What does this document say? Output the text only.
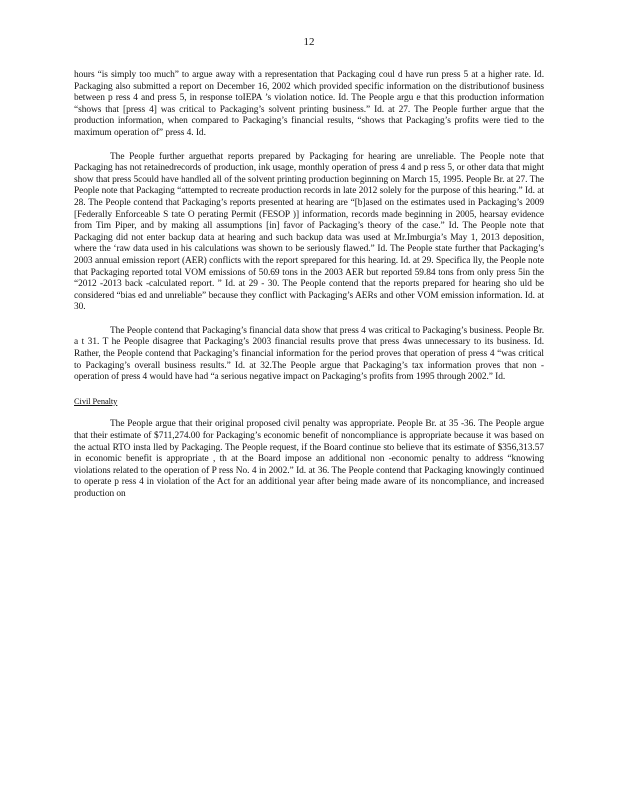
12

hours “is simply too much” to argue away with a representation that Packaging coul d have run press 5 at a higher rate. Id. Packaging also submitted a report on December 16, 2002 which provided specific information on the distributionof business between p ress 4 and press 5, in response toIEPA ’s violation notice. Id. The People argu e that this production information “shows that [press 4] was critical to Packaging’s solvent printing business.” Id. at 27. The People further argue that the production information, when compared to Packaging’s financial results, “shows that Packaging’s profits were tied to the maximum operation of” press 4. Id.

The People further arguethat reports prepared by Packaging for hearing are unreliable. The People note that Packaging has not retainedrecords of production, ink usage, monthly operation of press 4 and p ress 5, or other data that might show that press 5could have handled all of the solvent printing production beginning on March 15, 1995. People Br. at 27. The People note that Packaging “attempted to recreate production records in late 2012 solely for the purpose of this hearing.” Id. at 28. The People contend that Packaging’s reports presented at hearing are “[b]ased on the estimates used in Packaging’s 2009 [Federally Enforceable S tate O perating Permit (FESOP )] information, records made beginning in 2005, hearsay evidence from Tim Piper, and by making all assumptions [in] favor of Packaging’s theory of the case.” Id. The People note that Packaging did not enter backup data at hearing and such backup data was used at Mr.Imburgia’s May 1, 2013 deposition, where the ‘raw data used in his calculations was shown to be seriously flawed.” Id. The People state further that Packaging’s 2003 annual emission report (AER) conflicts with the report sprepared for this hearing. Id. at 29. Specifica lly, the People note that Packaging reported total VOM emissions of 50.69 tons in the 2003 AER but reported 59.84 tons from only press 5in the “2012 -2013 back -calculated report. ” Id. at 29 - 30. The People contend that the reports prepared for hearing sho uld be considered “bias ed and unreliable” because they conflict with Packaging’s AERs and other VOM emission information. Id. at 30.

The People contend that Packaging’s financial data show that press 4 was critical to Packaging’s business. People Br. a t 31. T he People disagree that Packaging’s 2003 financial results prove that press 4was unnecessary to its business. Id. Rather, the People contend that Packaging’s financial information for the period proves that operation of press 4 “was critical to Packaging’s overall business results.” Id. at 32.The People argue that Packaging’s tax information proves that non -operation of press 4 would have had “a serious negative impact on Packaging’s profits from 1995 through 2002.” Id.

Civil Penalty

The People argue that their original proposed civil penalty was appropriate. People Br. at 35 -36. The People argue that their estimate of $711,274.00 for Packaging’s economic benefit of noncompliance is appropriate because it was based on the actual RTO insta lled by Packaging. The People request, if the Board continue sto believe that its estimate of $356,313.57 in economic benefit is appropriate , th at the Board impose an additional non -economic penalty to address “knowing violations related to the operation of P ress No. 4 in 2002.” Id. at 36. The People contend that Packaging knowingly continued to operate p ress 4 in violation of the Act for an additional year after being made aware of its noncompliance, and increased production on
